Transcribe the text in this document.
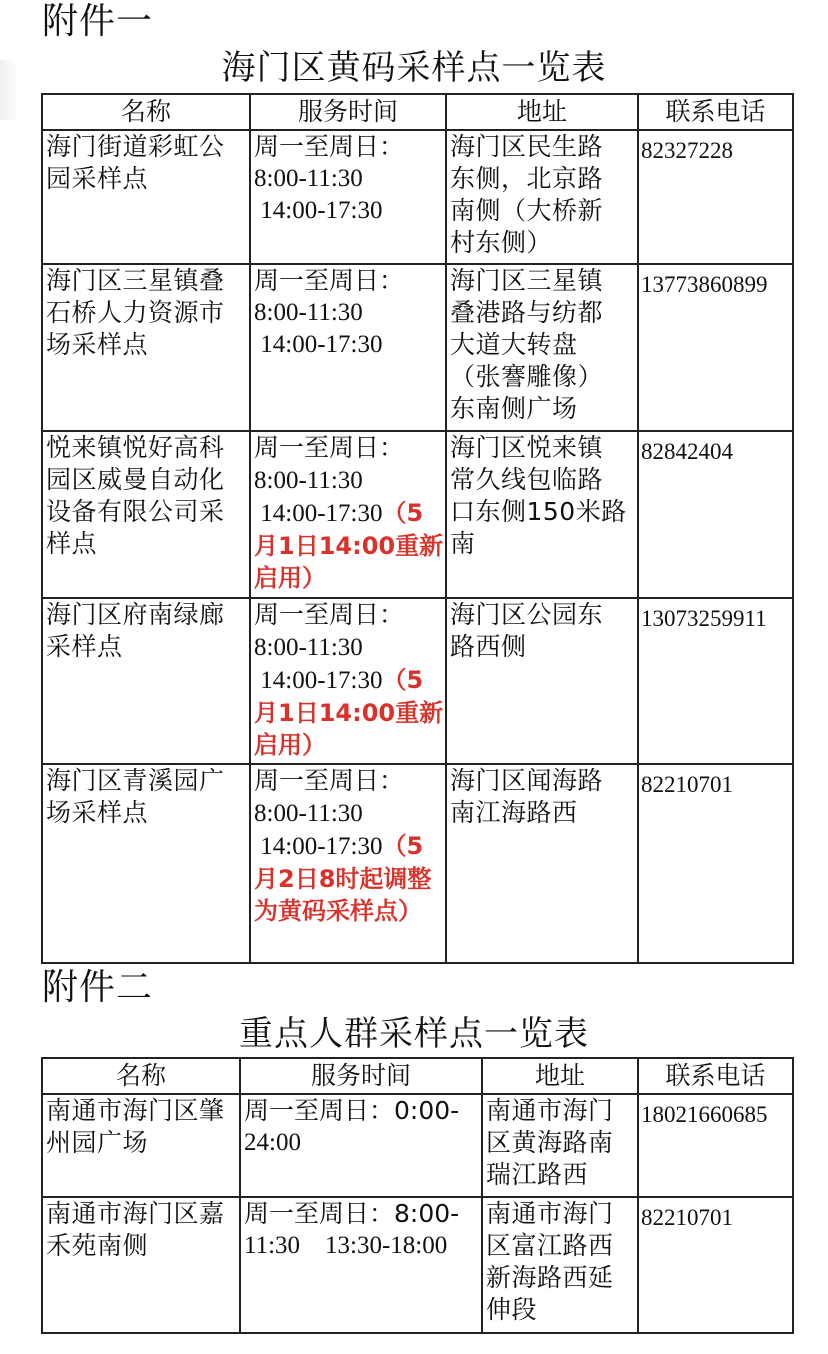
附件一
海门区黄码采样点一览表
名称	服务时间	地址	联系电话

海门街道彩虹公
园采样点	周一至周日：
8:00-11:30
14:00-17:30	海门区民生路
东侧，北京路
南侧（大桥新
村东侧）	82327228

海门区三星镇叠
石桥人力资源市
场采样点	周一至周日：
8:00-11:30
14:00-17:30	海门区三星镇
叠港路与纺都
大道大转盘
（张謇雕像）
东南侧广场	13773860899

悦来镇悦好高科
园区威曼自动化
设备有限公司采
样点	周一至周日：
8:00-11:30
14:00-17:30（5月1日14:00重新启用）	海门区悦来镇
常久线包临路
口东侧150米路
南	82842404

海门区府南绿廊
采样点	周一至周日：
8:00-11:30
14:00-17:30（5月1日14:00重新启用）	海门区公园东
路西侧	13073259911

海门区青溪园广
场采样点	周一至周日：
8:00-11:30
14:00-17:30（5月2日8时起调整为黄码采样点）	海门区闻海路
南江海路西	82210701
附件二
重点人群采样点一览表
名称	服务时间	地址	联系电话

南通市海门区肇
州园广场	周一至周日：0:00-
24:00	南通市海门
区黄海路南
瑞江路西	18021660685

南通市海门区嘉
禾苑南侧	周一至周日：8:00-
11:30    13:30-18:00	南通市海门
区富江路西
新海路西延
伸段	82210701
